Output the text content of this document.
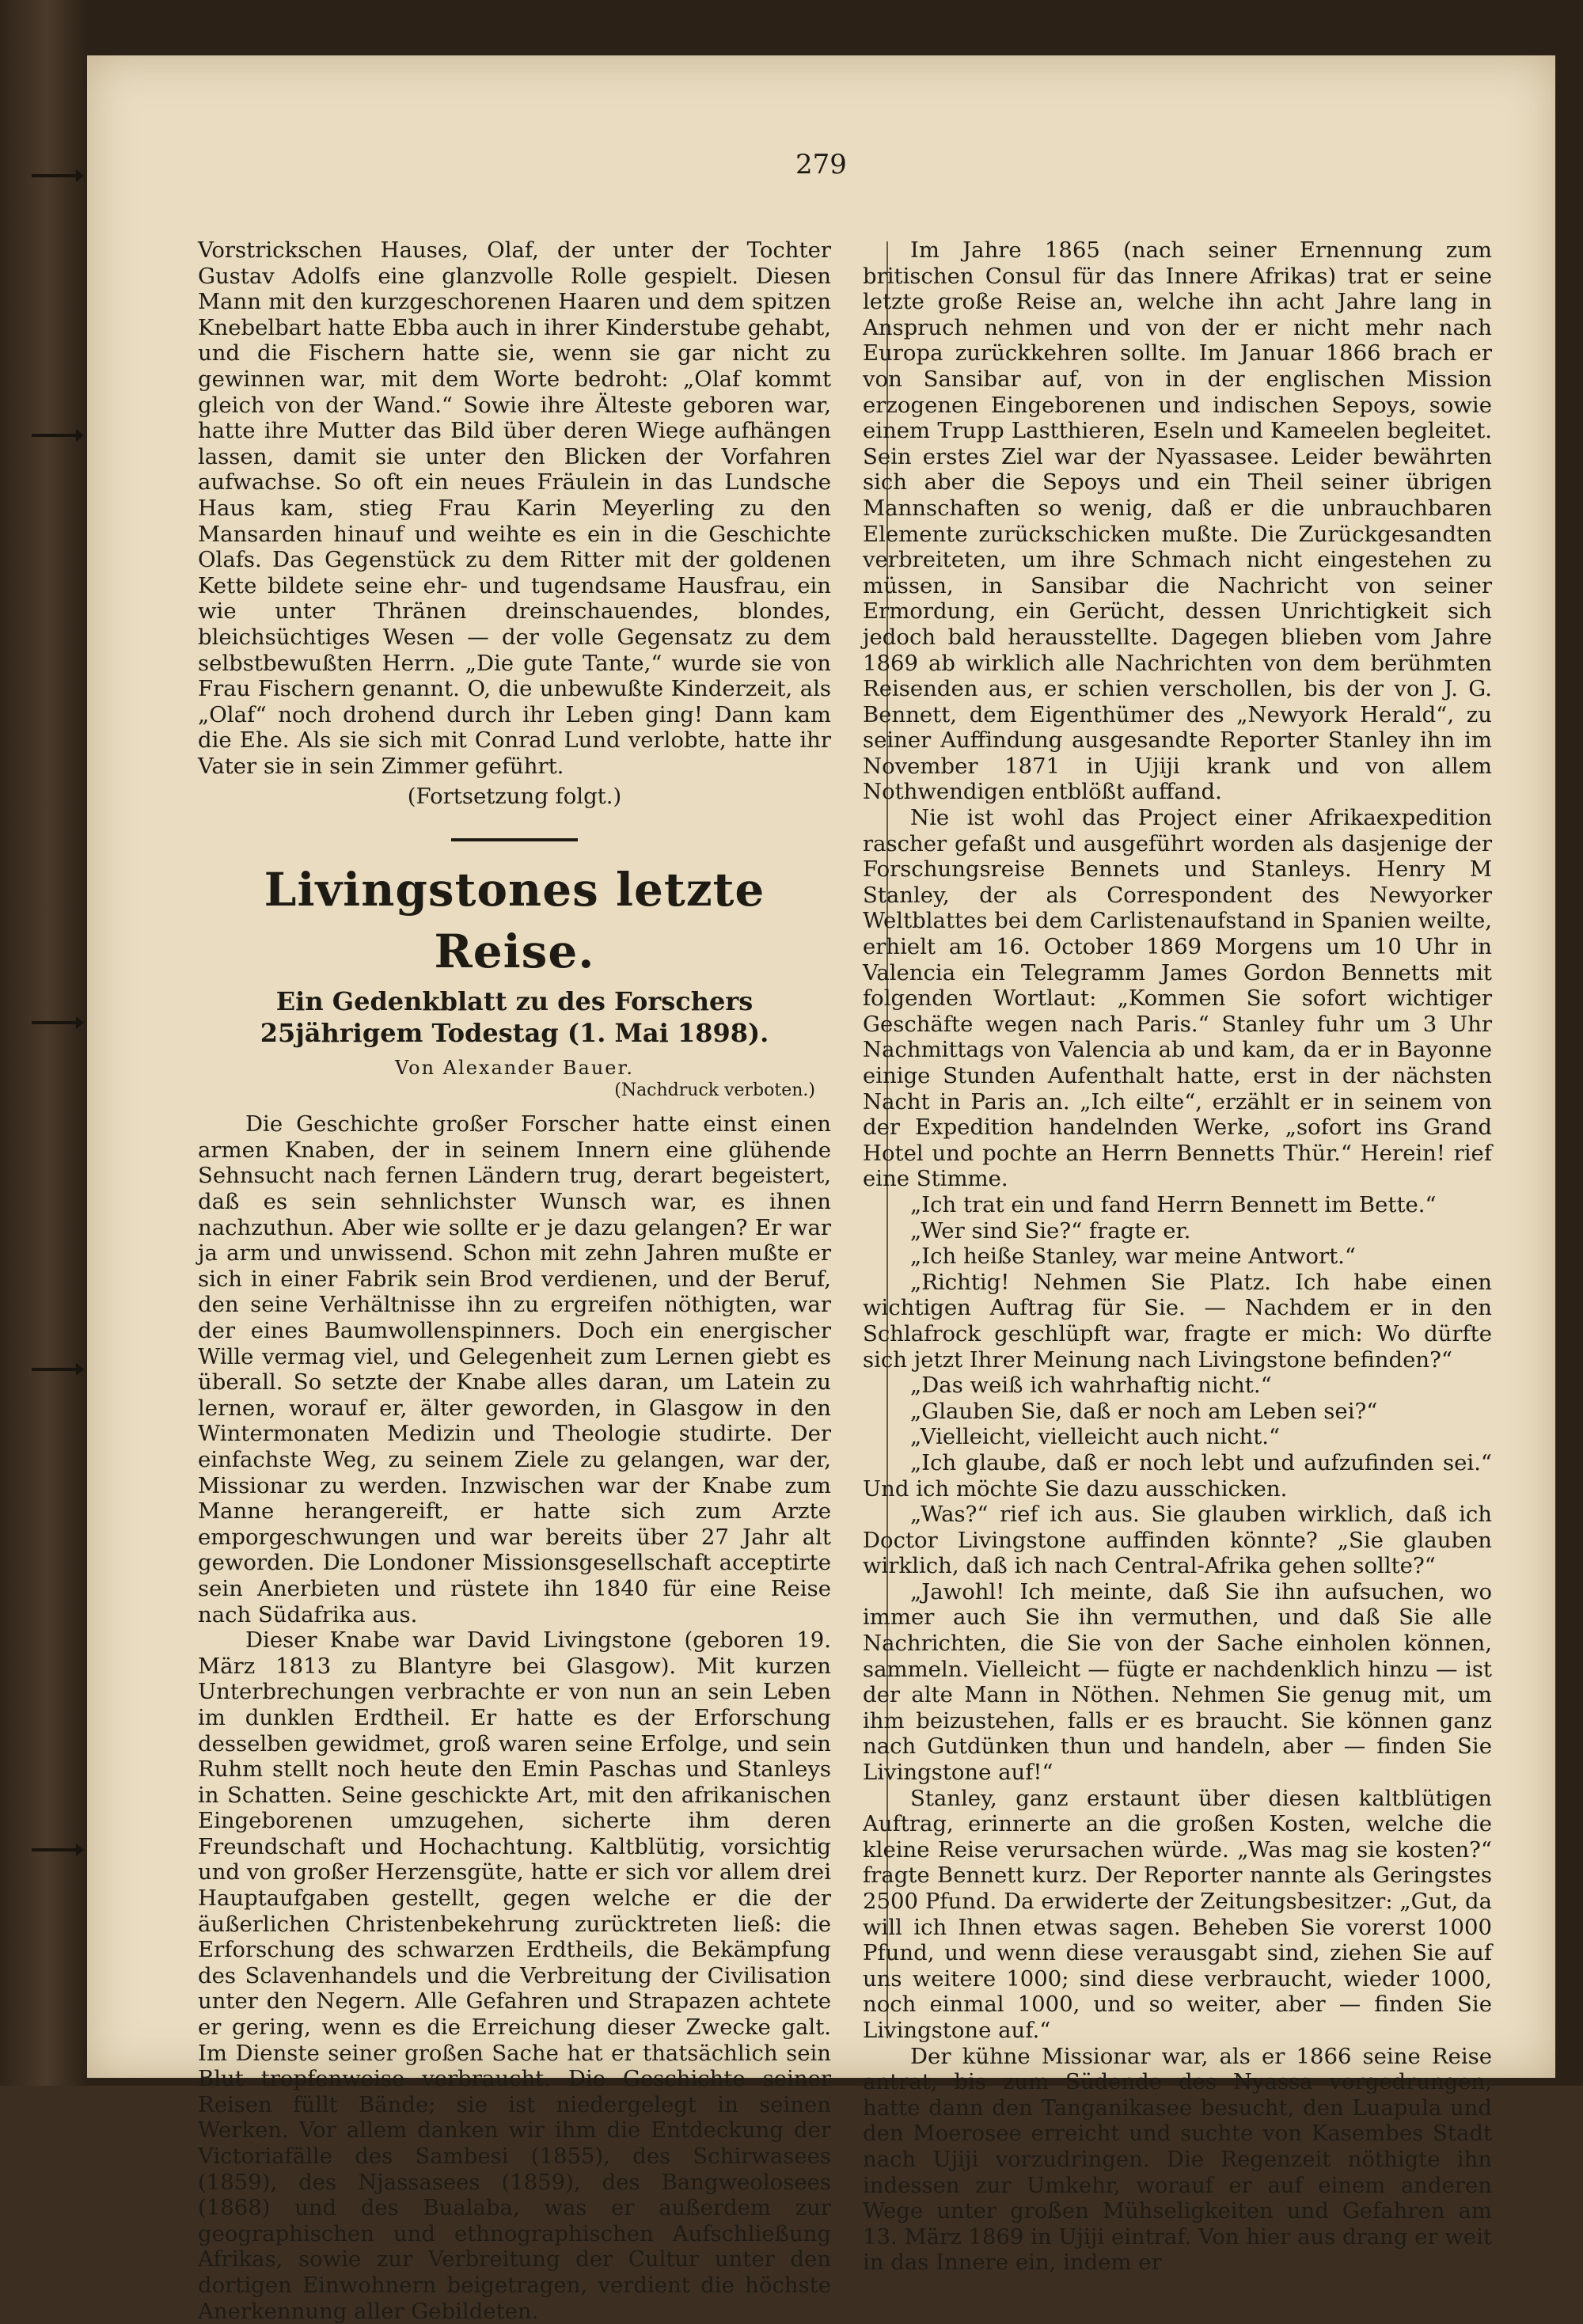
279

Vorstrickschen Hauses, Olaf, der unter der Tochter Gustav Adolfs eine glanzvolle Rolle gespielt. Diesen Mann mit den kurzgeschorenen Haaren und dem spitzen Knebelbart hatte Ebba auch in ihrer Kinderstube gehabt, und die Fischern hatte sie, wenn sie gar nicht zu gewinnen war, mit dem Worte bedroht: „Olaf kommt gleich von der Wand.“ Sowie ihre Älteste geboren war, hatte ihre Mutter das Bild über deren Wiege aufhängen lassen, damit sie unter den Blicken der Vorfahren aufwachse. So oft ein neues Fräulein in das Lundsche Haus kam, stieg Frau Karin Meyerling zu den Mansarden hinauf und weihte es ein in die Geschichte Olafs. Das Gegenstück zu dem Ritter mit der goldenen Kette bildete seine ehr- und tugendsame Hausfrau, ein wie unter Thränen dreinschauendes, blondes, bleichsüchtiges Wesen — der volle Gegensatz zu dem selbstbewußten Herrn. „Die gute Tante,“ wurde sie von Frau Fischern genannt. O, die unbewußte Kinderzeit, als „Olaf“ noch drohend durch ihr Leben ging! Dann kam die Ehe. Als sie sich mit Conrad Lund verlobte, hatte ihr Vater sie in sein Zimmer geführt.

(Fortsetzung folgt.)

Livingstones letzte Reise.
Ein Gedenkblatt zu des Forschers 25jährigem Todestag (1. Mai 1898).
Von Alexander Bauer.
(Nachdruck verboten.)

Die Geschichte großer Forscher hatte einst einen armen Knaben, der in seinem Innern eine glühende Sehnsucht nach fernen Ländern trug, derart begeistert, daß es sein sehnlichster Wunsch war, es ihnen nachzuthun. Aber wie sollte er je dazu gelangen? Er war ja arm und unwissend. Schon mit zehn Jahren mußte er sich in einer Fabrik sein Brod verdienen, und der Beruf, den seine Verhältnisse ihn zu ergreifen nöthigten, war der eines Baumwollenspinners. Doch ein energischer Wille vermag viel, und Gelegenheit zum Lernen giebt es überall. So setzte der Knabe alles daran, um Latein zu lernen, worauf er, älter geworden, in Glasgow in den Wintermonaten Medizin und Theologie studirte. Der einfachste Weg, zu seinem Ziele zu gelangen, war der, Missionar zu werden. Inzwischen war der Knabe zum Manne herangereift, er hatte sich zum Arzte emporgeschwungen und war bereits über 27 Jahr alt geworden. Die Londoner Missionsgesellschaft acceptirte sein Anerbieten und rüstete ihn 1840 für eine Reise nach Südafrika aus.

Dieser Knabe war David Livingstone (geboren 19. März 1813 zu Blantyre bei Glasgow). Mit kurzen Unterbrechungen verbrachte er von nun an sein Leben im dunklen Erdtheil. Er hatte es der Erforschung desselben gewidmet, groß waren seine Erfolge, und sein Ruhm stellt noch heute den Emin Paschas und Stanleys in Schatten. Seine geschickte Art, mit den afrikanischen Eingeborenen umzugehen, sicherte ihm deren Freundschaft und Hochachtung. Kaltblütig, vorsichtig und von großer Herzensgüte, hatte er sich vor allem drei Hauptaufgaben gestellt, gegen welche er die der äußerlichen Christenbekehrung zurücktreten ließ: die Erforschung des schwarzen Erdtheils, die Bekämpfung des Sclavenhandels und die Verbreitung der Civilisation unter den Negern. Alle Gefahren und Strapazen achtete er gering, wenn es die Erreichung dieser Zwecke galt. Im Dienste seiner großen Sache hat er thatsächlich sein Blut tropfenweise verbraucht. Die Geschichte seiner Reisen füllt Bände; sie ist niedergelegt in seinen Werken. Vor allem danken wir ihm die Entdeckung der Victoriafälle des Sambesi (1855), des Schirwasees (1859), des Njassasees (1859), des Bangweolosees (1868) und des Bualaba, was er außerdem zur geographischen und ethnographischen Aufschließung Afrikas, sowie zur Verbreitung der Cultur unter den dortigen Einwohnern beigetragen, verdient die höchste Anerkennung aller Gebildeten.

Im Jahre 1865 (nach seiner Ernennung zum britischen Consul für das Innere Afrikas) trat er seine letzte große Reise an, welche ihn acht Jahre lang in Anspruch nehmen und von der er nicht mehr nach Europa zurückkehren sollte. Im Januar 1866 brach er von Sansibar auf, von in der englischen Mission erzogenen Eingeborenen und indischen Sepoys, sowie einem Trupp Lastthieren, Eseln und Kameelen begleitet. Sein erstes Ziel war der Nyassasee. Leider bewährten sich aber die Sepoys und ein Theil seiner übrigen Mannschaften so wenig, daß er die unbrauchbaren Elemente zurückschicken mußte. Die Zurückgesandten verbreiteten, um ihre Schmach nicht eingestehen zu müssen, in Sansibar die Nachricht von seiner Ermordung, ein Gerücht, dessen Unrichtigkeit sich jedoch bald herausstellte. Dagegen blieben vom Jahre 1869 ab wirklich alle Nachrichten von dem berühmten Reisenden aus, er schien verschollen, bis der von J. G. Bennett, dem Eigenthümer des „Newyork Herald“, zu seiner Auffindung ausgesandte Reporter Stanley ihn im November 1871 in Ujiji krank und von allem Nothwendigen entblößt auffand.

Nie ist wohl das Project einer Afrikaexpedition rascher gefaßt und ausgeführt worden als dasjenige der Forschungsreise Bennets und Stanleys. Henry M Stanley, der als Correspondent des Newyorker Weltblattes bei dem Carlistenaufstand in Spanien weilte, erhielt am 16. October 1869 Morgens um 10 Uhr in Valencia ein Telegramm James Gordon Bennetts mit folgenden Wortlaut: „Kommen Sie sofort wichtiger Geschäfte wegen nach Paris.“ Stanley fuhr um 3 Uhr Nachmittags von Valencia ab und kam, da er in Bayonne einige Stunden Aufenthalt hatte, erst in der nächsten Nacht in Paris an. „Ich eilte“, erzählt er in seinem von der Expedition handelnden Werke, „sofort ins Grand Hotel und pochte an Herrn Bennetts Thür.“ Herein! rief eine Stimme.

„Ich trat ein und fand Herrn Bennett im Bette.“

„Wer sind Sie?“ fragte er.

„Ich heiße Stanley, war meine Antwort.“

„Richtig! Nehmen Sie Platz. Ich habe einen wichtigen Auftrag für Sie. — Nachdem er in den Schlafrock geschlüpft war, fragte er mich: Wo dürfte sich jetzt Ihrer Meinung nach Livingstone befinden?“

„Das weiß ich wahrhaftig nicht.“

„Glauben Sie, daß er noch am Leben sei?“

„Vielleicht, vielleicht auch nicht.“

„Ich glaube, daß er noch lebt und aufzufinden sei.“ Und ich möchte Sie dazu ausschicken.

„Was?“ rief ich aus. Sie glauben wirklich, daß ich Doctor Livingstone auffinden könnte? „Sie glauben wirklich, daß ich nach Central-Afrika gehen sollte?“

„Jawohl! Ich meinte, daß Sie ihn aufsuchen, wo immer auch Sie ihn vermuthen, und daß Sie alle Nachrichten, die Sie von der Sache einholen können, sammeln. Vielleicht — fügte er nachdenklich hinzu — ist der alte Mann in Nöthen. Nehmen Sie genug mit, um ihm beizustehen, falls er es braucht. Sie können ganz nach Gutdünken thun und handeln, aber — finden Sie Livingstone auf!“

Stanley, ganz erstaunt über diesen kaltblütigen Auftrag, erinnerte an die großen Kosten, welche die kleine Reise verursachen würde. „Was mag sie kosten?“ fragte Bennett kurz. Der Reporter nannte als Geringstes 2500 Pfund. Da erwiderte der Zeitungsbesitzer: „Gut, da will ich Ihnen etwas sagen. Beheben Sie vorerst 1000 Pfund, und wenn diese verausgabt sind, ziehen Sie auf uns weitere 1000; sind diese verbraucht, wieder 1000, noch einmal 1000, und so weiter, aber — finden Sie Livingstone auf.“

Der kühne Missionar war, als er 1866 seine Reise antrat, bis zum Südende des Nyassa vorgedrungen, hatte dann den Tanganikasee besucht, den Luapula und den Moerosee erreicht und suchte von Kasembes Stadt nach Ujiji vorzudringen. Die Regenzeit nöthigte ihn indessen zur Umkehr, worauf er auf einem anderen Wege unter großen Mühseligkeiten und Gefahren am 13. März 1869 in Ujiji eintraf. Von hier aus drang er weit in das Innere ein, indem er
